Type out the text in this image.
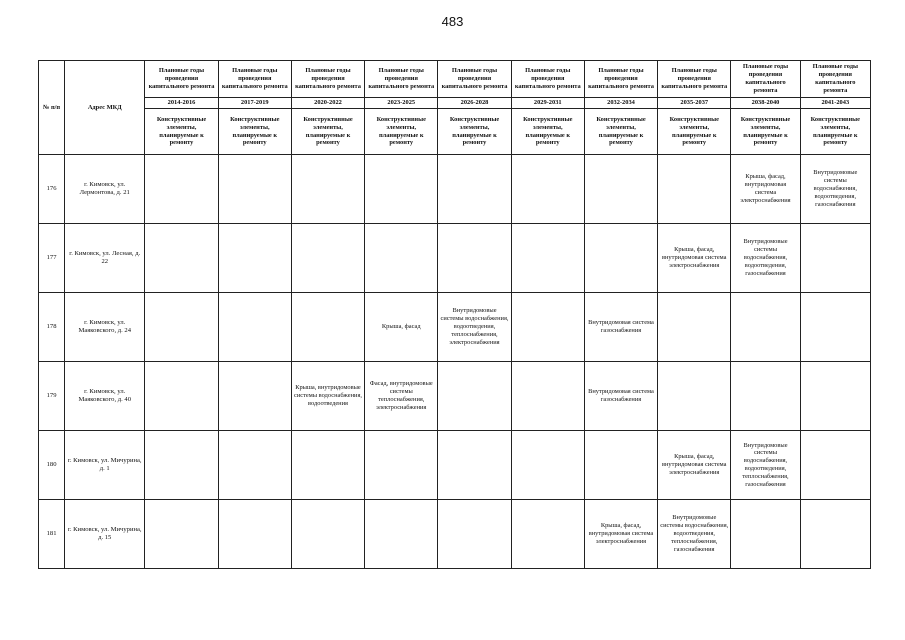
483
№ п/п	Адрес МКД	Плановые годы проведения капитального ремонта	Плановые годы проведения капитального ремонта	Плановые годы проведения капитального ремонта	Плановые годы проведения капитального ремонта	Плановые годы проведения капитального ремонта	Плановые годы проведения капитального ремонта	Плановые годы проведения капитального ремонта	Плановые годы проведения капитального ремонта	Плановые годы проведения капитального ремонта	Плановые годы проведения капитального ремонта
		2014-2016	2017-2019	2020-2022	2023-2025	2026-2028	2029-2031	2032-2034	2035-2037	2038-2040	2041-2043
		Конструктивные элементы, планируемые к ремонту	Конструктивные элементы, планируемые к ремонту	Конструктивные элементы, планируемые к ремонту	Конструктивные элементы, планируемые к ремонту	Конструктивные элементы, планируемые к ремонту	Конструктивные элементы, планируемые к ремонту	Конструктивные элементы, планируемые к ремонту	Конструктивные элементы, планируемые к ремонту	Конструктивные элементы, планируемые к ремонту	Конструктивные элементы, планируемые к ремонту
176	г. Кимовск, ул. Лермонтова, д. 21									Крыша, фасад, внутридомовая система электроснабжения	Внутридомовые системы водоснабжения, водоотведения, газоснабжения
177	г. Кимовск, ул. Лесная, д. 22								Крыша, фасад, внутридомовая система электроснабжения	Внутридомовые системы водоснабжения, водоотведения, газоснабжения	
178	г. Кимовск, ул. Маяковского, д. 24				Крыша, фасад	Внутридомовые системы водоснабжения, водоотведения, теплоснабжения, электроснабжения		Внутридомовая система газоснабжения			
179	г. Кимовск, ул. Маяковского, д. 40			Крыша, внутридомовые системы водоснабжения, водоотведения	Фасад, внутридомовые системы теплоснабжения, электроснабжения			Внутридомовая система газоснабжения			
180	г. Кимовск, ул. Мичурина, д. 1								Крыша, фасад, внутридомовая система электроснабжения	Внутридомовые системы водоснабжения, водоотведения, теплоснабжения, газоснабжения	
181	г. Кимовск, ул. Мичурина, д. 15							Крыша, фасад, внутридомовая система электроснабжения	Внутридомовые системы водоснабжения, водоотведения, теплоснабжения, газоснабжения		
